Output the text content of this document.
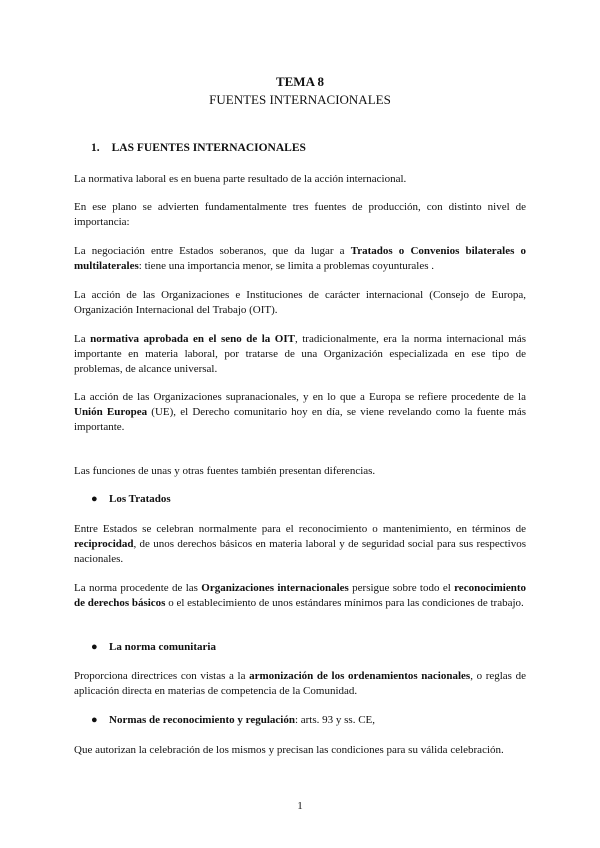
TEMA 8
FUENTES INTERNACIONALES
1. LAS FUENTES INTERNACIONALES
La normativa laboral es en buena parte resultado de la acción internacional.
En ese plano se advierten fundamentalmente tres fuentes de producción, con distinto nivel de importancia:
La negociación entre Estados soberanos, que da lugar a Tratados o Convenios bilaterales o multilaterales: tiene una importancia menor, se limita a problemas coyunturales .
La acción de las Organizaciones e Instituciones de carácter internacional (Consejo de Europa, Organización Internacional del Trabajo (OIT).
La normativa aprobada en el seno de la OIT, tradicionalmente, era la norma internacional más importante en materia laboral, por tratarse de una Organización especializada en ese tipo de problemas, de alcance universal.
La acción de las Organizaciones supranacionales, y en lo que a Europa se refiere procedente de la Unión Europea (UE), el Derecho comunitario hoy en día, se viene revelando como la fuente más importante.
Las funciones de unas y otras fuentes también presentan diferencias.
● Los Tratados
Entre Estados se celebran normalmente para el reconocimiento o mantenimiento, en términos de reciprocidad, de unos derechos básicos en materia laboral y de seguridad social para sus respectivos nacionales.
La norma procedente de las Organizaciones internacionales persigue sobre todo el reconocimiento de derechos básicos o el establecimiento de unos estándares mínimos para las condiciones de trabajo.
● La norma comunitaria
Proporciona directrices con vistas a la armonización de los ordenamientos nacionales, o reglas de aplicación directa en materias de competencia de la Comunidad.
● Normas de reconocimiento y regulación: arts. 93 y ss. CE,
Que autorizan la celebración de los mismos y precisan las condiciones para su válida celebración.
1
